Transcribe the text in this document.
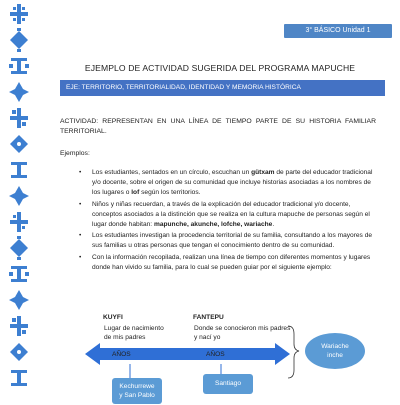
3° BÁSICO Unidad 1
EJEMPLO DE ACTIVIDAD SUGERIDA DEL PROGRAMA MAPUCHE
EJE: TERRITORIO, TERRITORIALIDAD, IDENTIDAD Y MEMORIA HISTÓRICA
ACTIVIDAD: REPRESENTAN EN UNA LÍNEA DE TIEMPO PARTE DE SU HISTORIA FAMILIAR TERRITORIAL.
Ejemplos:
• Los estudiantes, sentados en un círculo, escuchan un gütxam de parte del educador tradicional y/o docente, sobre el origen de su comunidad que incluye historias asociadas a los nombres de los lugares o lof según los territorios.
• Niños y niñas recuerdan, a través de la explicación del educador tradicional y/o docente, conceptos asociados a la distinción que se realiza en la cultura mapuche de personas según el lugar donde habitan: mapunche, akunche, lofche, wariache.
• Los estudiantes investigan la procedencia territorial de su familia, consultando a los mayores de sus familias u otras personas que tengan el conocimiento dentro de su comunidad.
• Con la información recopilada, realizan una línea de tiempo con diferentes momentos y lugares donde han vivido su familia, para lo cual se pueden guiar por el siguiente ejemplo:
KUYFI	FANTEPU
Lugar de nacimiento
de mis padres
Donde se conocieron mis padres
y nací yo
AÑOS	AÑOS
Kechurrewe
y San Pablo
Santiago
Wariache
inche
